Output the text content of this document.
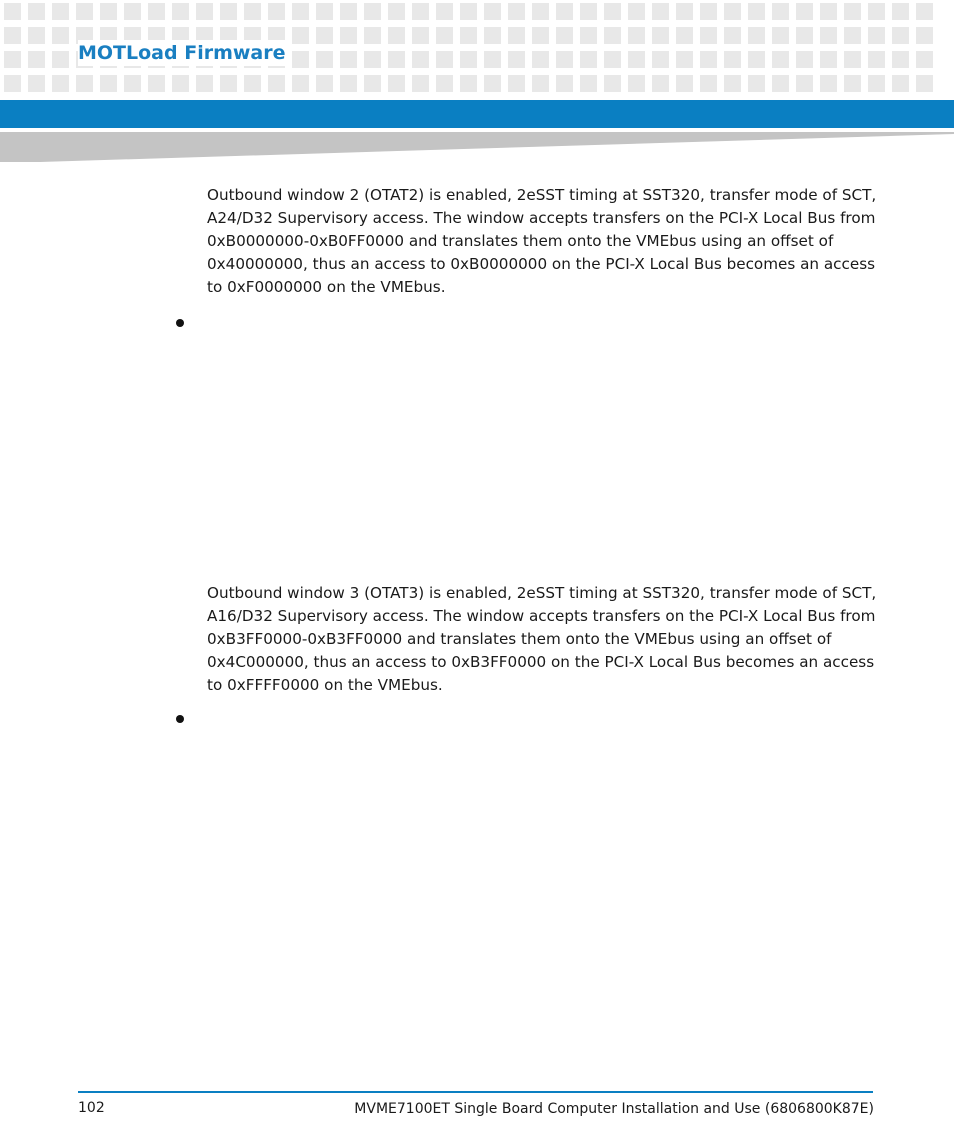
MOTLoad Firmware
Outbound window 2 (OTAT2) is enabled, 2eSST timing at SST320, transfer mode of SCT, A24/D32 Supervisory access. The window accepts transfers on the PCI-X Local Bus from 0xB0000000-0xB0FF0000 and translates them onto the VMEbus using an offset of 0x40000000, thus an access to 0xB0000000 on the PCI-X Local Bus becomes an access to 0xF0000000 on the VMEbus.
Outbound window 3 (OTAT3) is enabled, 2eSST timing at SST320, transfer mode of SCT, A16/D32 Supervisory access. The window accepts transfers on the PCI-X Local Bus from 0xB3FF0000-0xB3FF0000 and translates them onto the VMEbus using an offset of 0x4C000000, thus an access to 0xB3FF0000 on the PCI-X Local Bus becomes an access to 0xFFFF0000 on the VMEbus.
102	MVME7100ET Single Board Computer Installation and Use (6806800K87E)
